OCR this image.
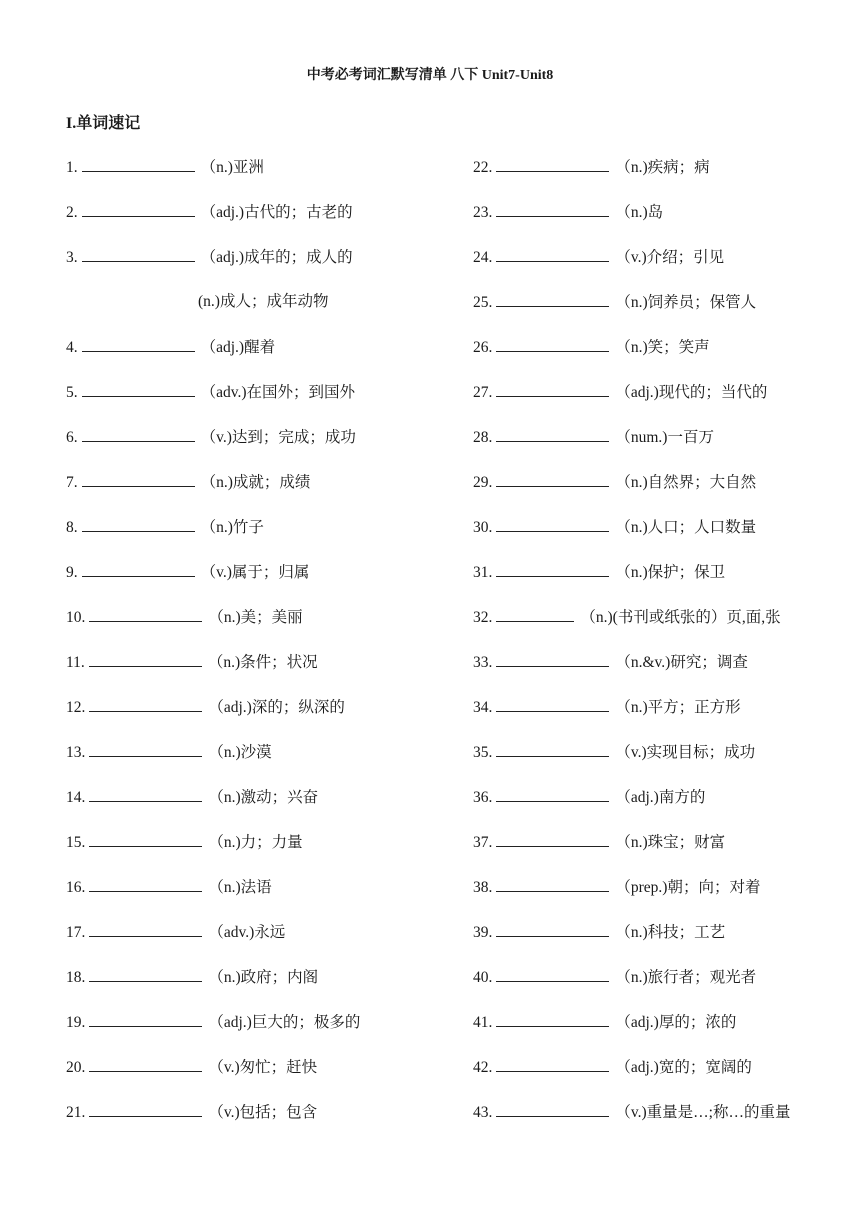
中考必考词汇默写清单 八下 Unit7-Unit8
I.单词速记
1.	（n.)亚洲
2.	（adj.)古代的；古老的
3.	（adj.)成年的；成人的
(n.)成人；成年动物
4.	（adj.)醒着
5.	（adv.)在国外；到国外
6.	（v.)达到；完成；成功
7.	（n.)成就；成绩
8.	（n.)竹子
9.	（v.)属于；归属
10.	（n.)美；美丽
11.	（n.)条件；状况
12.	（adj.)深的；纵深的
13.	（n.)沙漠
14.	（n.)激动；兴奋
15.	（n.)力；力量
16.	（n.)法语
17.	（adv.)永远
18.	（n.)政府；内阁
19.	（adj.)巨大的；极多的
20.	（v.)匆忙；赶快
21.	（v.)包括；包含
22.	（n.)疾病；病
23.	（n.)岛
24.	（v.)介绍；引见
25.	（n.)饲养员；保管人
26.	（n.)笑；笑声
27.	（adj.)现代的；当代的
28.	（num.)一百万
29.	（n.)自然界；大自然
30.	（n.)人口；人口数量
31.	（n.)保护；保卫
32.	（n.)(书刊或纸张的）页,面,张
33.	（n.&v.)研究；调查
34.	（n.)平方；正方形
35.	（v.)实现目标；成功
36.	（adj.)南方的
37.	（n.)珠宝；财富
38.	（prep.)朝；向；对着
39.	（n.)科技；工艺
40.	（n.)旅行者；观光者
41.	（adj.)厚的；浓的
42.	（adj.)宽的；宽阔的
43.	（v.)重量是…;称…的重量
